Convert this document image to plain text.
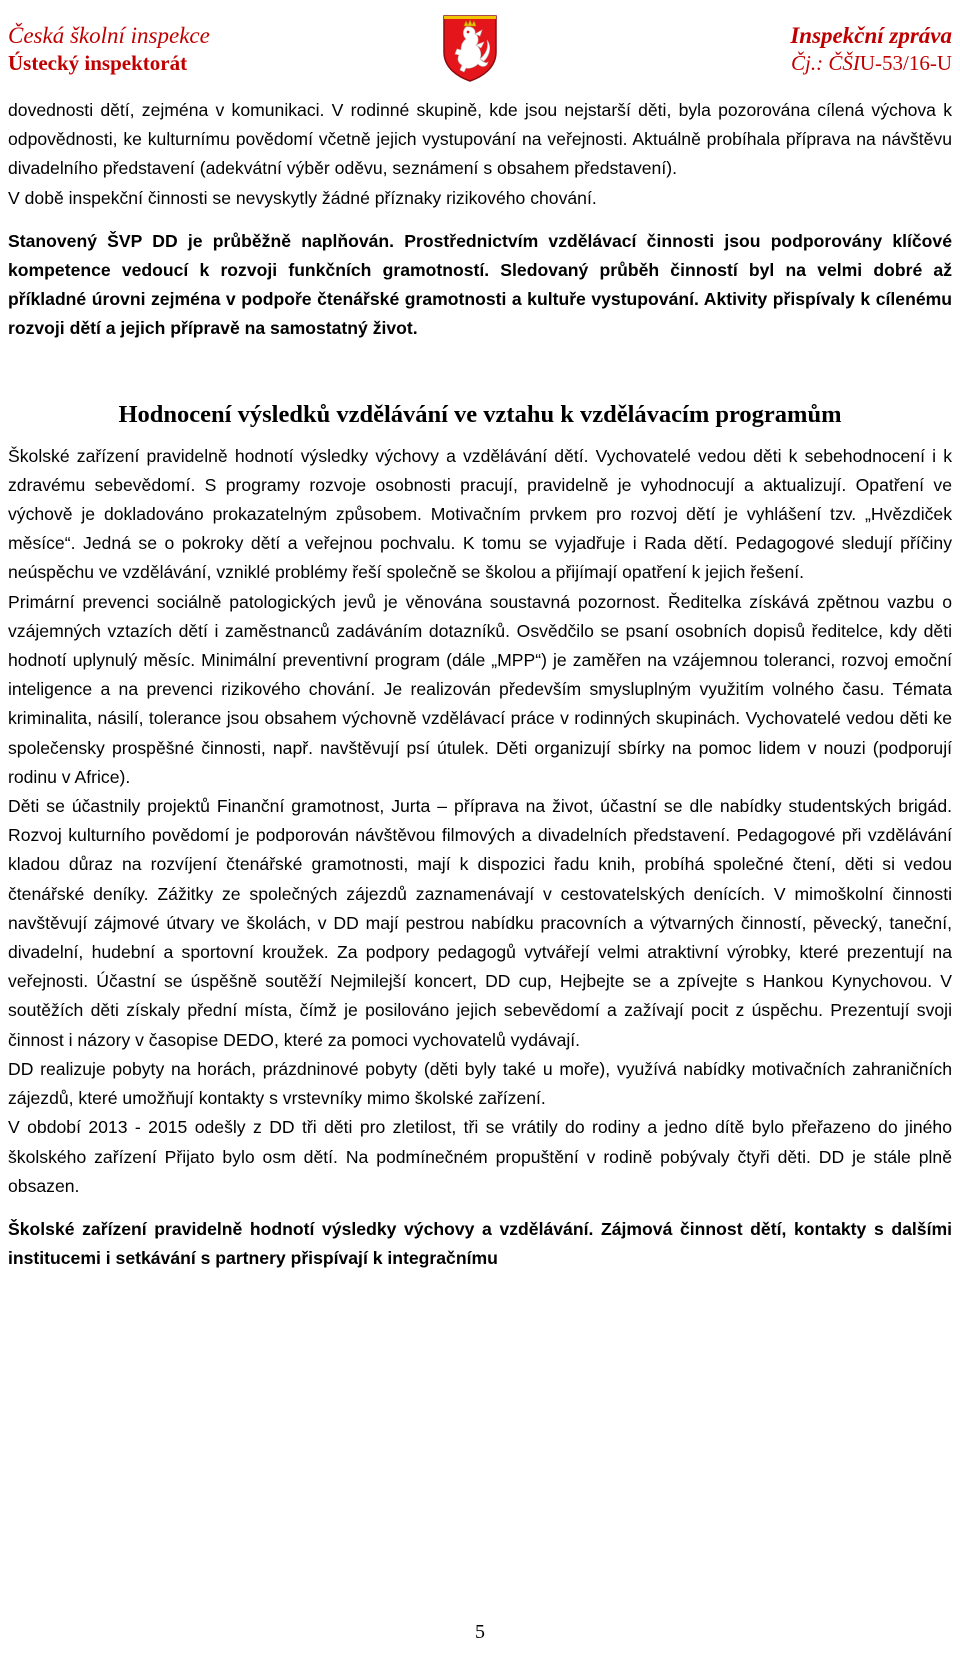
Česká školní inspekce
Ústecký inspektorát
Inspekční zpráva
Čj.: ČŠIU-53/16-U

dovednosti dětí, zejména v komunikaci. V rodinné skupině, kde jsou nejstarší děti, byla pozorována cílená výchova k odpovědnosti, ke kulturnímu povědomí včetně jejich vystupování na veřejnosti. Aktuálně probíhala příprava na návštěvu divadelního představení (adekvátní výběr oděvu, seznámení s obsahem představení).

V době inspekční činnosti se nevyskytly žádné příznaky rizikového chování.

Stanovený ŠVP DD je průběžně naplňován. Prostřednictvím vzdělávací činnosti jsou podporovány klíčové kompetence vedoucí k rozvoji funkčních gramotností. Sledovaný průběh činností byl na velmi dobré až příkladné úrovni zejména v podpoře čtenářské gramotnosti a kultuře vystupování. Aktivity přispívaly k cílenému rozvoji dětí a jejich přípravě na samostatný život.

Hodnocení výsledků vzdělávání ve vztahu k vzdělávacím programům

Školské zařízení pravidelně hodnotí výsledky výchovy a vzdělávání dětí. Vychovatelé vedou děti k sebehodnocení i k zdravému sebevědomí. S programy rozvoje osobnosti pracují, pravidelně je vyhodnocují a aktualizují. Opatření ve výchově je dokladováno prokazatelným způsobem. Motivačním prvkem pro rozvoj dětí je vyhlášení tzv. „Hvězdiček měsíce“. Jedná se o pokroky dětí a veřejnou pochvalu. K tomu se vyjadřuje i Rada dětí. Pedagogové sledují příčiny neúspěchu ve vzdělávání, vzniklé problémy řeší společně se školou a přijímají opatření k jejich řešení.

Primární prevenci sociálně patologických jevů je věnována soustavná pozornost. Ředitelka získává zpětnou vazbu o vzájemných vztazích dětí i zaměstnanců zadáváním dotazníků. Osvědčilo se psaní osobních dopisů ředitelce, kdy děti hodnotí uplynulý měsíc. Minimální preventivní program (dále „MPP“) je zaměřen na vzájemnou toleranci, rozvoj emoční inteligence a na prevenci rizikového chování. Je realizován především smysluplným využitím volného času. Témata kriminalita, násilí, tolerance jsou obsahem výchovně vzdělávací práce v rodinných skupinách. Vychovatelé vedou děti ke společensky prospěšné činnosti, např. navštěvují psí útulek. Děti organizují sbírky na pomoc lidem v nouzi (podporují rodinu v Africe).

Děti se účastnily projektů Finanční gramotnost, Jurta – příprava na život, účastní se dle nabídky studentských brigád. Rozvoj kulturního povědomí je podporován návštěvou filmových a divadelních představení. Pedagogové při vzdělávání kladou důraz na rozvíjení čtenářské gramotnosti, mají k dispozici řadu knih, probíhá společné čtení, děti si vedou čtenářské deníky. Zážitky ze společných zájezdů zaznamenávají v cestovatelských denících. V mimoškolní činnosti navštěvují zájmové útvary ve školách, v DD mají pestrou nabídku pracovních a výtvarných činností, pěvecký, taneční, divadelní, hudební a sportovní kroužek. Za podpory pedagogů vytvářejí velmi atraktivní výrobky, které prezentují na veřejnosti. Účastní se úspěšně soutěží Nejmilejší koncert, DD cup, Hejbejte se a zpívejte s Hankou Kynychovou. V soutěžích děti získaly přední místa, čímž je posilováno jejich sebevědomí a zažívají pocit z úspěchu. Prezentují svoji činnost i názory v časopise DEDO, které za pomoci vychovatelů vydávají.

DD realizuje pobyty na horách, prázdninové pobyty (děti byly také u moře), využívá nabídky motivačních zahraničních zájezdů, které umožňují kontakty s vrstevníky mimo školské zařízení.

V období 2013 - 2015 odešly z DD tři děti pro zletilost, tři se vrátily do rodiny a jedno dítě bylo přeřazeno do jiného školského zařízení Přijato bylo osm dětí. Na podmínečném propuštění v rodině pobývaly čtyři děti. DD je stále plně obsazen.

Školské zařízení pravidelně hodnotí výsledky výchovy a vzdělávání. Zájmová činnost dětí, kontakty s dalšími institucemi i setkávání s partnery přispívají k integračnímu

5
